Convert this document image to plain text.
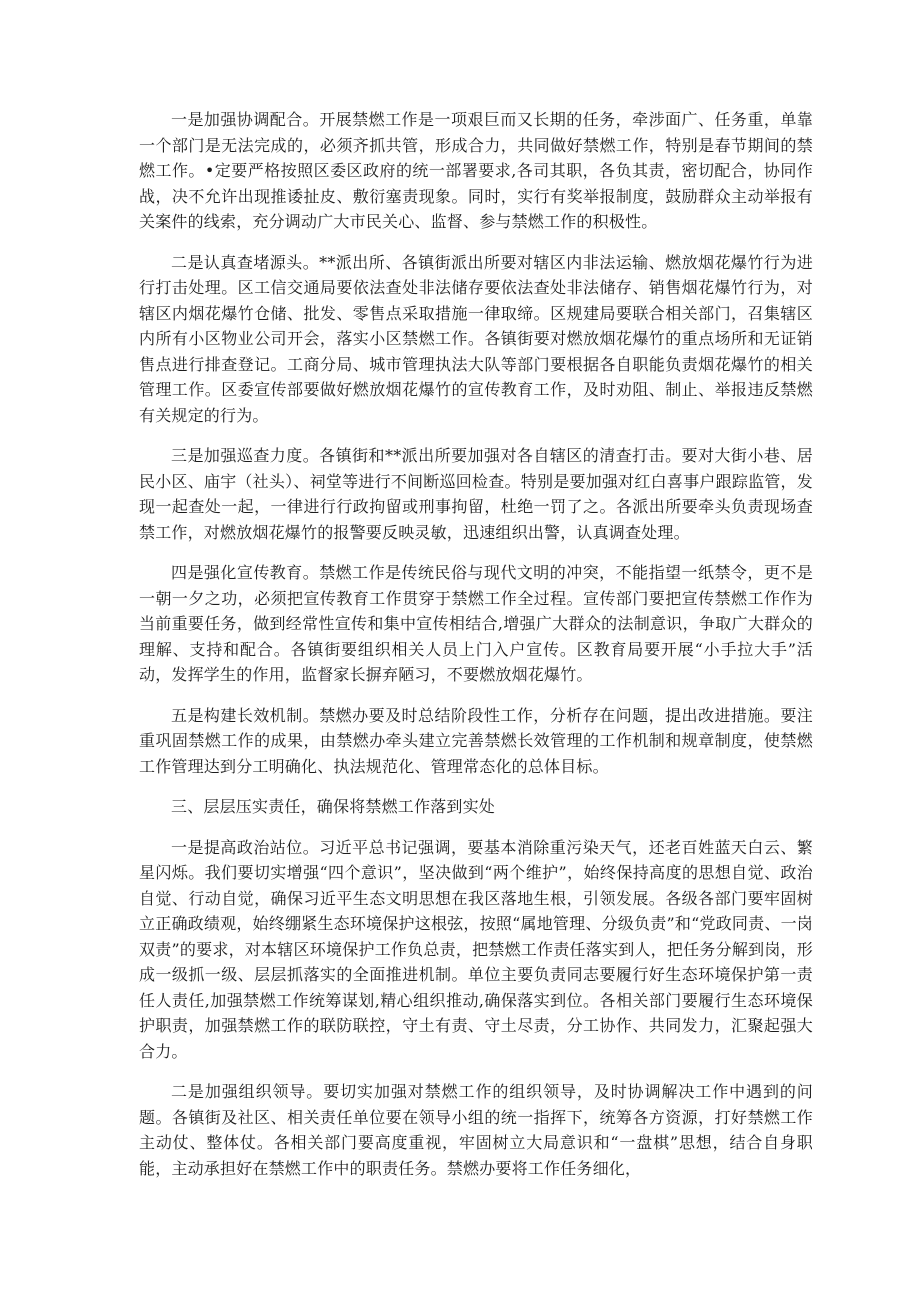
一是加强协调配合。开展禁燃工作是一项艰巨而又长期的任务，牵涉面广、任务重，单靠一个部门是无法完成的，必须齐抓共管，形成合力，共同做好禁燃工作，特别是春节期间的禁燃工作。•定要严格按照区委区政府的统一部署要求,各司其职，各负其责，密切配合，协同作战，决不允许出现推诿扯皮、敷衍塞责现象。同时，实行有奖举报制度，鼓励群众主动举报有关案件的线索，充分调动广大市民关心、监督、参与禁燃工作的积极性。

二是认真查堵源头。**派出所、各镇街派出所要对辖区内非法运输、燃放烟花爆竹行为进行打击处理。区工信交通局要依法查处非法储存要依法查处非法储存、销售烟花爆竹行为，对辖区内烟花爆竹仓储、批发、零售点采取措施一律取缔。区规建局要联合相关部门，召集辖区内所有小区物业公司开会，落实小区禁燃工作。各镇街要对燃放烟花爆竹的重点场所和无证销售点进行排查登记。工商分局、城市管理执法大队等部门要根据各自职能负责烟花爆竹的相关管理工作。区委宣传部要做好燃放烟花爆竹的宣传教育工作，及时劝阻、制止、举报违反禁燃有关规定的行为。

三是加强巡查力度。各镇街和**派出所要加强对各自辖区的清查打击。要对大街小巷、居民小区、庙宇（社头）、祠堂等进行不间断巡回检查。特别是要加强对红白喜事户跟踪监管，发现一起查处一起，一律进行行政拘留或刑事拘留，杜绝一罚了之。各派出所要牵头负责现场查禁工作，对燃放烟花爆竹的报警要反映灵敏，迅速组织出警，认真调查处理。

四是强化宣传教育。禁燃工作是传统民俗与现代文明的冲突，不能指望一纸禁令，更不是一朝一夕之功，必须把宣传教育工作贯穿于禁燃工作全过程。宣传部门要把宣传禁燃工作作为当前重要任务，做到经常性宣传和集中宣传相结合,增强广大群众的法制意识，争取广大群众的理解、支持和配合。各镇街要组织相关人员上门入户宣传。区教育局要开展“小手拉大手”活动，发挥学生的作用，监督家长摒弃陋习，不要燃放烟花爆竹。

五是构建长效机制。禁燃办要及时总结阶段性工作，分析存在问题，提出改进措施。要注重巩固禁燃工作的成果，由禁燃办牵头建立完善禁燃长效管理的工作机制和规章制度，使禁燃工作管理达到分工明确化、执法规范化、管理常态化的总体目标。

三、层层压实责任，确保将禁燃工作落到实处

一是提高政治站位。习近平总书记强调，要基本消除重污染天气，还老百姓蓝天白云、繁星闪烁。我们要切实增强“四个意识”，坚决做到“两个维护”，始终保持高度的思想自觉、政治自觉、行动自觉，确保习近平生态文明思想在我区落地生根，引领发展。各级各部门要牢固树立正确政绩观，始终绷紧生态环境保护这根弦，按照“属地管理、分级负责”和“党政同责、一岗双责”的要求，对本辖区环境保护工作负总责，把禁燃工作责任落实到人，把任务分解到岗，形成一级抓一级、层层抓落实的全面推进机制。单位主要负责同志要履行好生态环境保护第一责任人责任,加强禁燃工作统筹谋划,精心组织推动,确保落实到位。各相关部门要履行生态环境保护职责，加强禁燃工作的联防联控，守土有责、守土尽责，分工协作、共同发力，汇聚起强大合力。

二是加强组织领导。要切实加强对禁燃工作的组织领导，及时协调解决工作中遇到的问题。各镇街及社区、相关责任单位要在领导小组的统一指挥下，统筹各方资源，打好禁燃工作主动仗、整体仗。各相关部门要高度重视，牢固树立大局意识和“一盘棋”思想，结合自身职能，主动承担好在禁燃工作中的职责任务。禁燃办要将工作任务细化，
